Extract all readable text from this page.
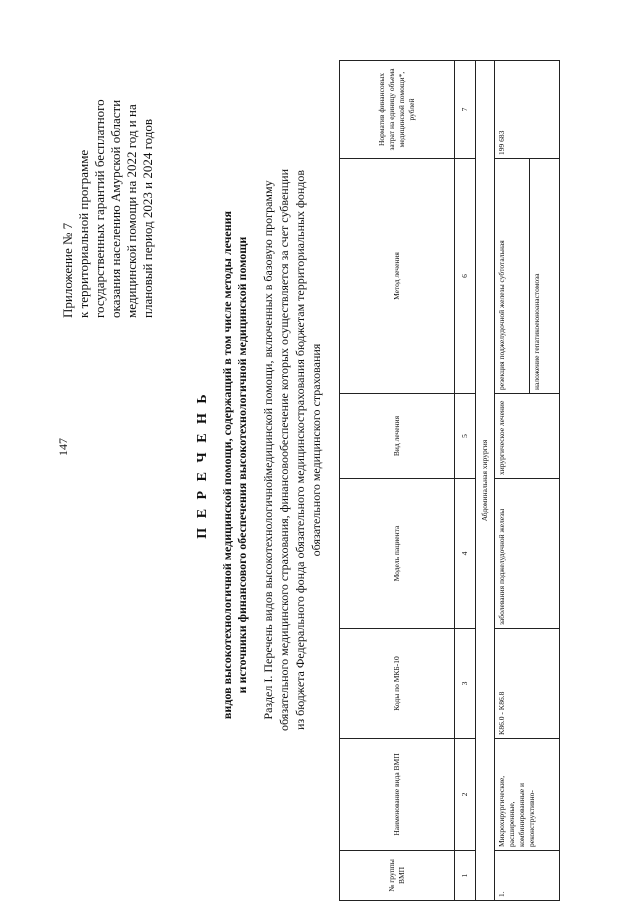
147
Приложение № 7 к территориальной программе государственных гарантий бесплатного оказания населению Амурской области медицинской помощи на 2022 год и на плановый период 2023 и 2024 годов
П Е Р Е Ч Е Н Ь видов высокотехнологичной медицинской помощи, содержащий в том числе методы лечения и источники финансового обеспечения высокотехнологичной медицинской помощи Раздел I. Перечень видов высокотехнологичноймедицинской помощи, включенных в базовую программу обязательного медицинского страхования, финансовообеспечение которых осуществляется за счет субвенции из бюджета Федерального фонда обязательного медицинскострахования бюджетам территориальных фондов обязательного медицинского страхования
№ группы ВМП	Наименование вида ВМП	Коды по МКБ-10	Модель пациента	Вид лечения	Метод лечения	Норматив финансовых затрат на единицу объема медицинской помощи*, рублей
1	2	3	4	5	6	7
Абдоминальная хирургия						
1.	Микрохирургические, расширенные, комбинированные и реконструктивно-	K86.0 - K86.8	заболевания поджелудочной железы	хирургическое лечение	резекция поджелудочной железы субтотальная	199 683
					наложение гепатикоеюноанастомоза	
